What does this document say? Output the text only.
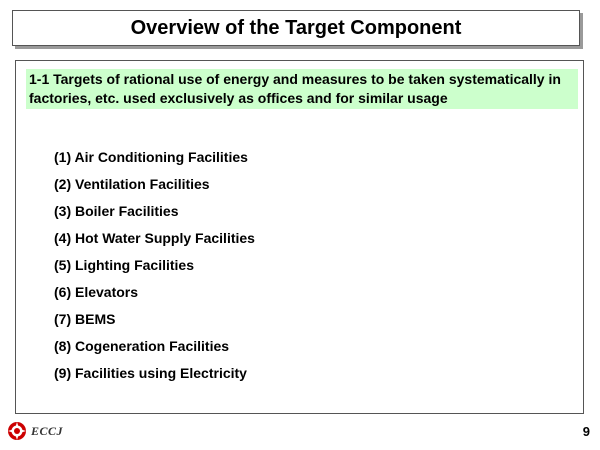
Overview of the Target Component
1-1 Targets of rational use of energy and measures to be taken systematically in factories, etc. used exclusively as offices and for similar usage
(1) Air Conditioning Facilities
(2) Ventilation Facilities
(3) Boiler Facilities
(4) Hot Water Supply Facilities
(5) Lighting Facilities
(6) Elevators
(7) BEMS
(8) Cogeneration Facilities
(9) Facilities using Electricity
ECCJ	9
